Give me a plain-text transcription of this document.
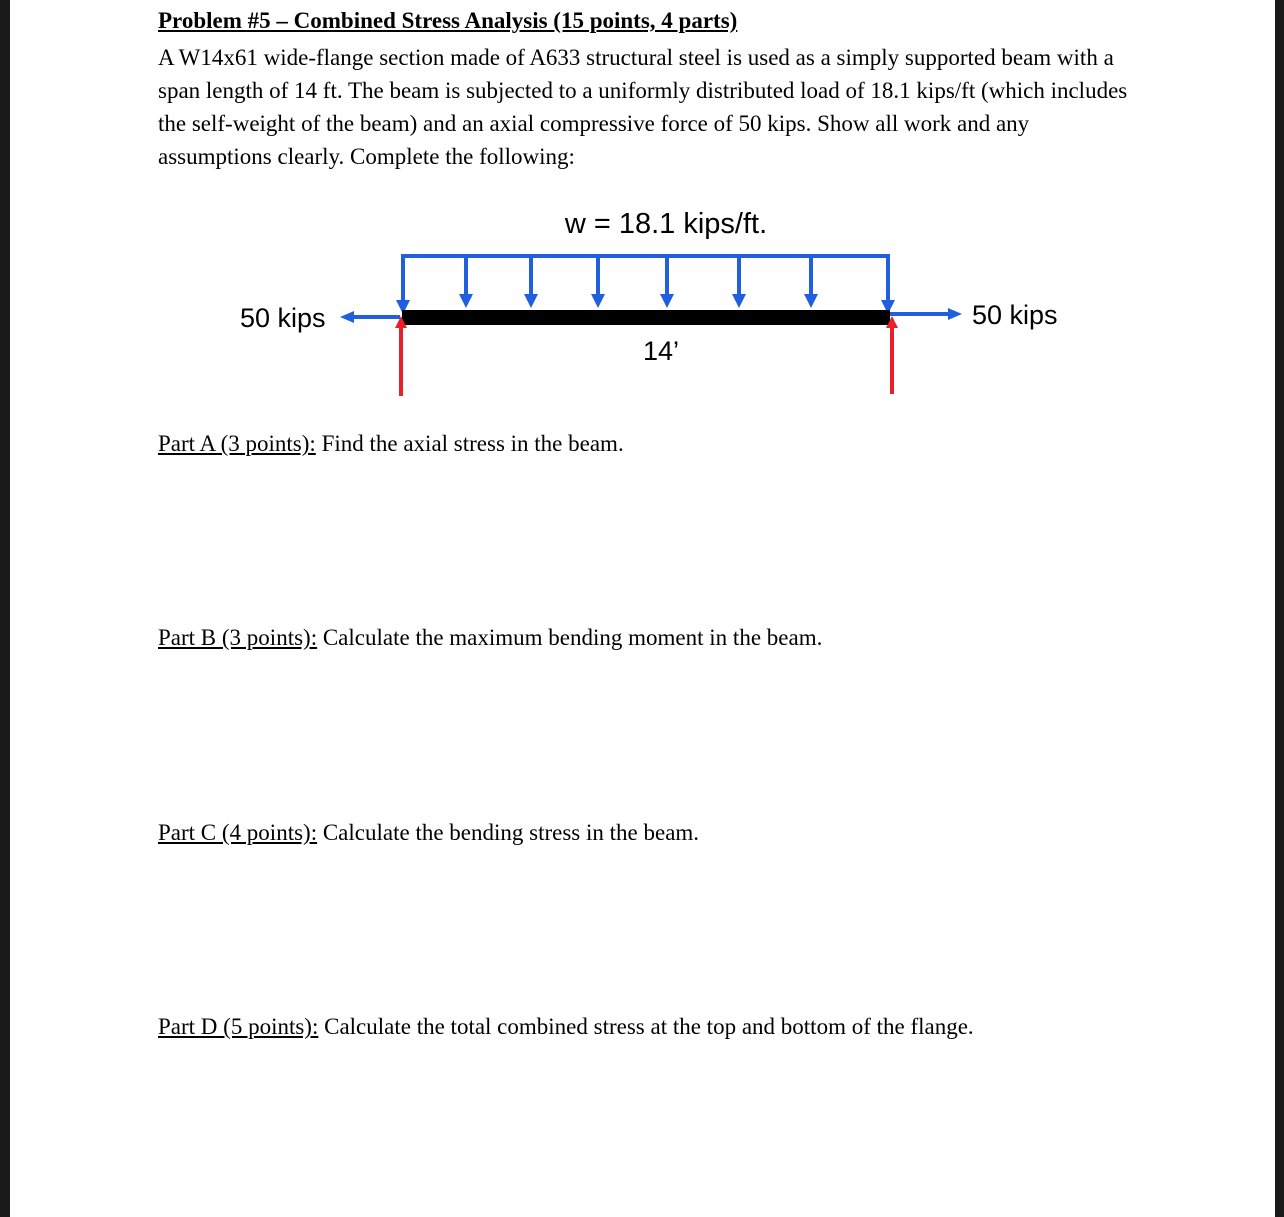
Problem #5 – Combined Stress Analysis (15 points, 4 parts)
A W14x61 wide-flange section made of A633 structural steel is used as a simply supported beam with a span length of 14 ft. The beam is subjected to a uniformly distributed load of 18.1 kips/ft (which includes the self-weight of the beam) and an axial compressive force of 50 kips. Show all work and any assumptions clearly. Complete the following:
w = 18.1 kips/ft.
50 kips	50 kips
14’
Part A (3 points): Find the axial stress in the beam.
Part B (3 points): Calculate the maximum bending moment in the beam.
Part C (4 points): Calculate the bending stress in the beam.
Part D (5 points): Calculate the total combined stress at the top and bottom of the flange.
